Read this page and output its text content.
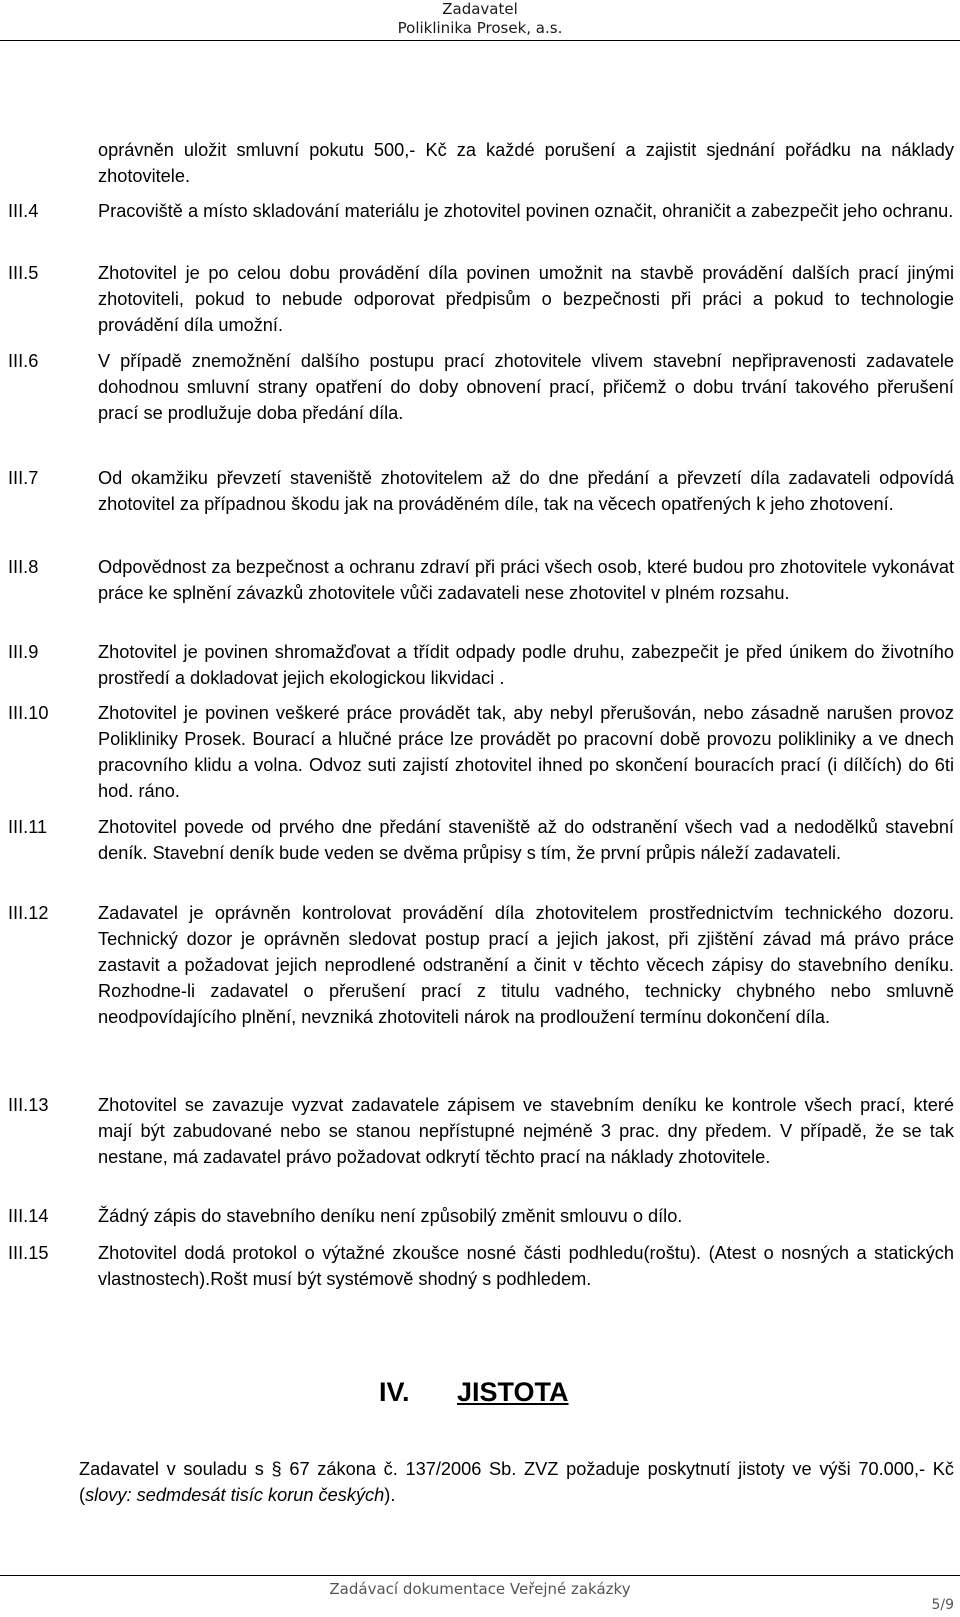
Zadavatel
Poliklinika Prosek, a.s.
oprávněn uložit smluvní pokutu 500,- Kč za každé porušení a zajistit sjednání pořádku na náklady zhotovitele.
III.4	Pracoviště a místo skladování materiálu je zhotovitel povinen označit, ohraničit a zabezpečit jeho ochranu.
III.5	Zhotovitel je po celou dobu provádění díla povinen umožnit na stavbě provádění dalších prací jinými zhotoviteli, pokud to nebude odporovat předpisům o bezpečnosti při práci a pokud to technologie provádění díla umožní.
III.6	V případě znemožnění dalšího postupu prací zhotovitele vlivem stavební nepřipravenosti zadavatele dohodnou smluvní strany opatření do doby obnovení prací, přičemž o dobu trvání takového přerušení prací se prodlužuje doba předání díla.
III.7	Od okamžiku převzetí staveniště zhotovitelem až do dne předání a převzetí díla zadavateli odpovídá zhotovitel za případnou škodu jak na prováděném díle, tak na věcech opatřených k jeho zhotovení.
III.8	Odpovědnost za bezpečnost a ochranu zdraví při práci všech osob, které budou pro zhotovitele vykonávat práce ke splnění závazků zhotovitele vůči zadavateli nese zhotovitel v plném rozsahu.
III.9	Zhotovitel je povinen shromažďovat a třídit odpady podle druhu, zabezpečit je před únikem do životního prostředí a dokladovat jejich ekologickou likvidaci .
III.10	Zhotovitel je povinen veškeré práce provádět tak, aby nebyl přerušován, nebo zásadně narušen provoz Polikliniky Prosek. Bourací a hlučné práce lze provádět po pracovní době provozu polikliniky a ve dnech pracovního klidu a volna. Odvoz suti zajistí zhotovitel ihned po skončení bouracích prací (i dílčích) do 6ti hod. ráno.
III.11	Zhotovitel povede od prvého dne předání staveniště až do odstranění všech vad a nedodělků stavební deník. Stavební deník bude veden se dvěma průpisy s tím, že první průpis náleží zadavateli.
III.12	Zadavatel je oprávněn kontrolovat provádění díla zhotovitelem prostřednictvím technického dozoru. Technický dozor je oprávněn sledovat postup prací a jejich jakost, při zjištění závad má právo práce zastavit a požadovat jejich neprodlené odstranění a činit v těchto věcech zápisy do stavebního deníku. Rozhodne-li zadavatel o přerušení prací z titulu vadného, technicky chybného nebo smluvně neodpovídajícího plnění, nevzniká zhotoviteli nárok na prodloužení termínu dokončení díla.
III.13	Zhotovitel se zavazuje vyzvat zadavatele zápisem ve stavebním deníku ke kontrole všech prací, které mají být zabudované nebo se stanou nepřístupné nejméně 3 prac. dny předem. V případě, že se tak nestane, má zadavatel právo požadovat odkrytí těchto prací na náklady zhotovitele.
III.14	Žádný zápis do stavebního deníku není způsobilý změnit smlouvu o dílo.
III.15	Zhotovitel dodá protokol o výtažné zkoušce nosné části podhledu(roštu). (Atest o nosných a statických vlastnostech).Rošt musí být systémově shodný s podhledem.
IV. JISTOTA
Zadavatel v souladu s § 67 zákona č. 137/2006 Sb. ZVZ požaduje poskytnutí jistoty ve výši 70.000,- Kč (slovy: sedmdesát tisíc korun českých).
Zadávací dokumentace Veřejné zakázky
5/9
